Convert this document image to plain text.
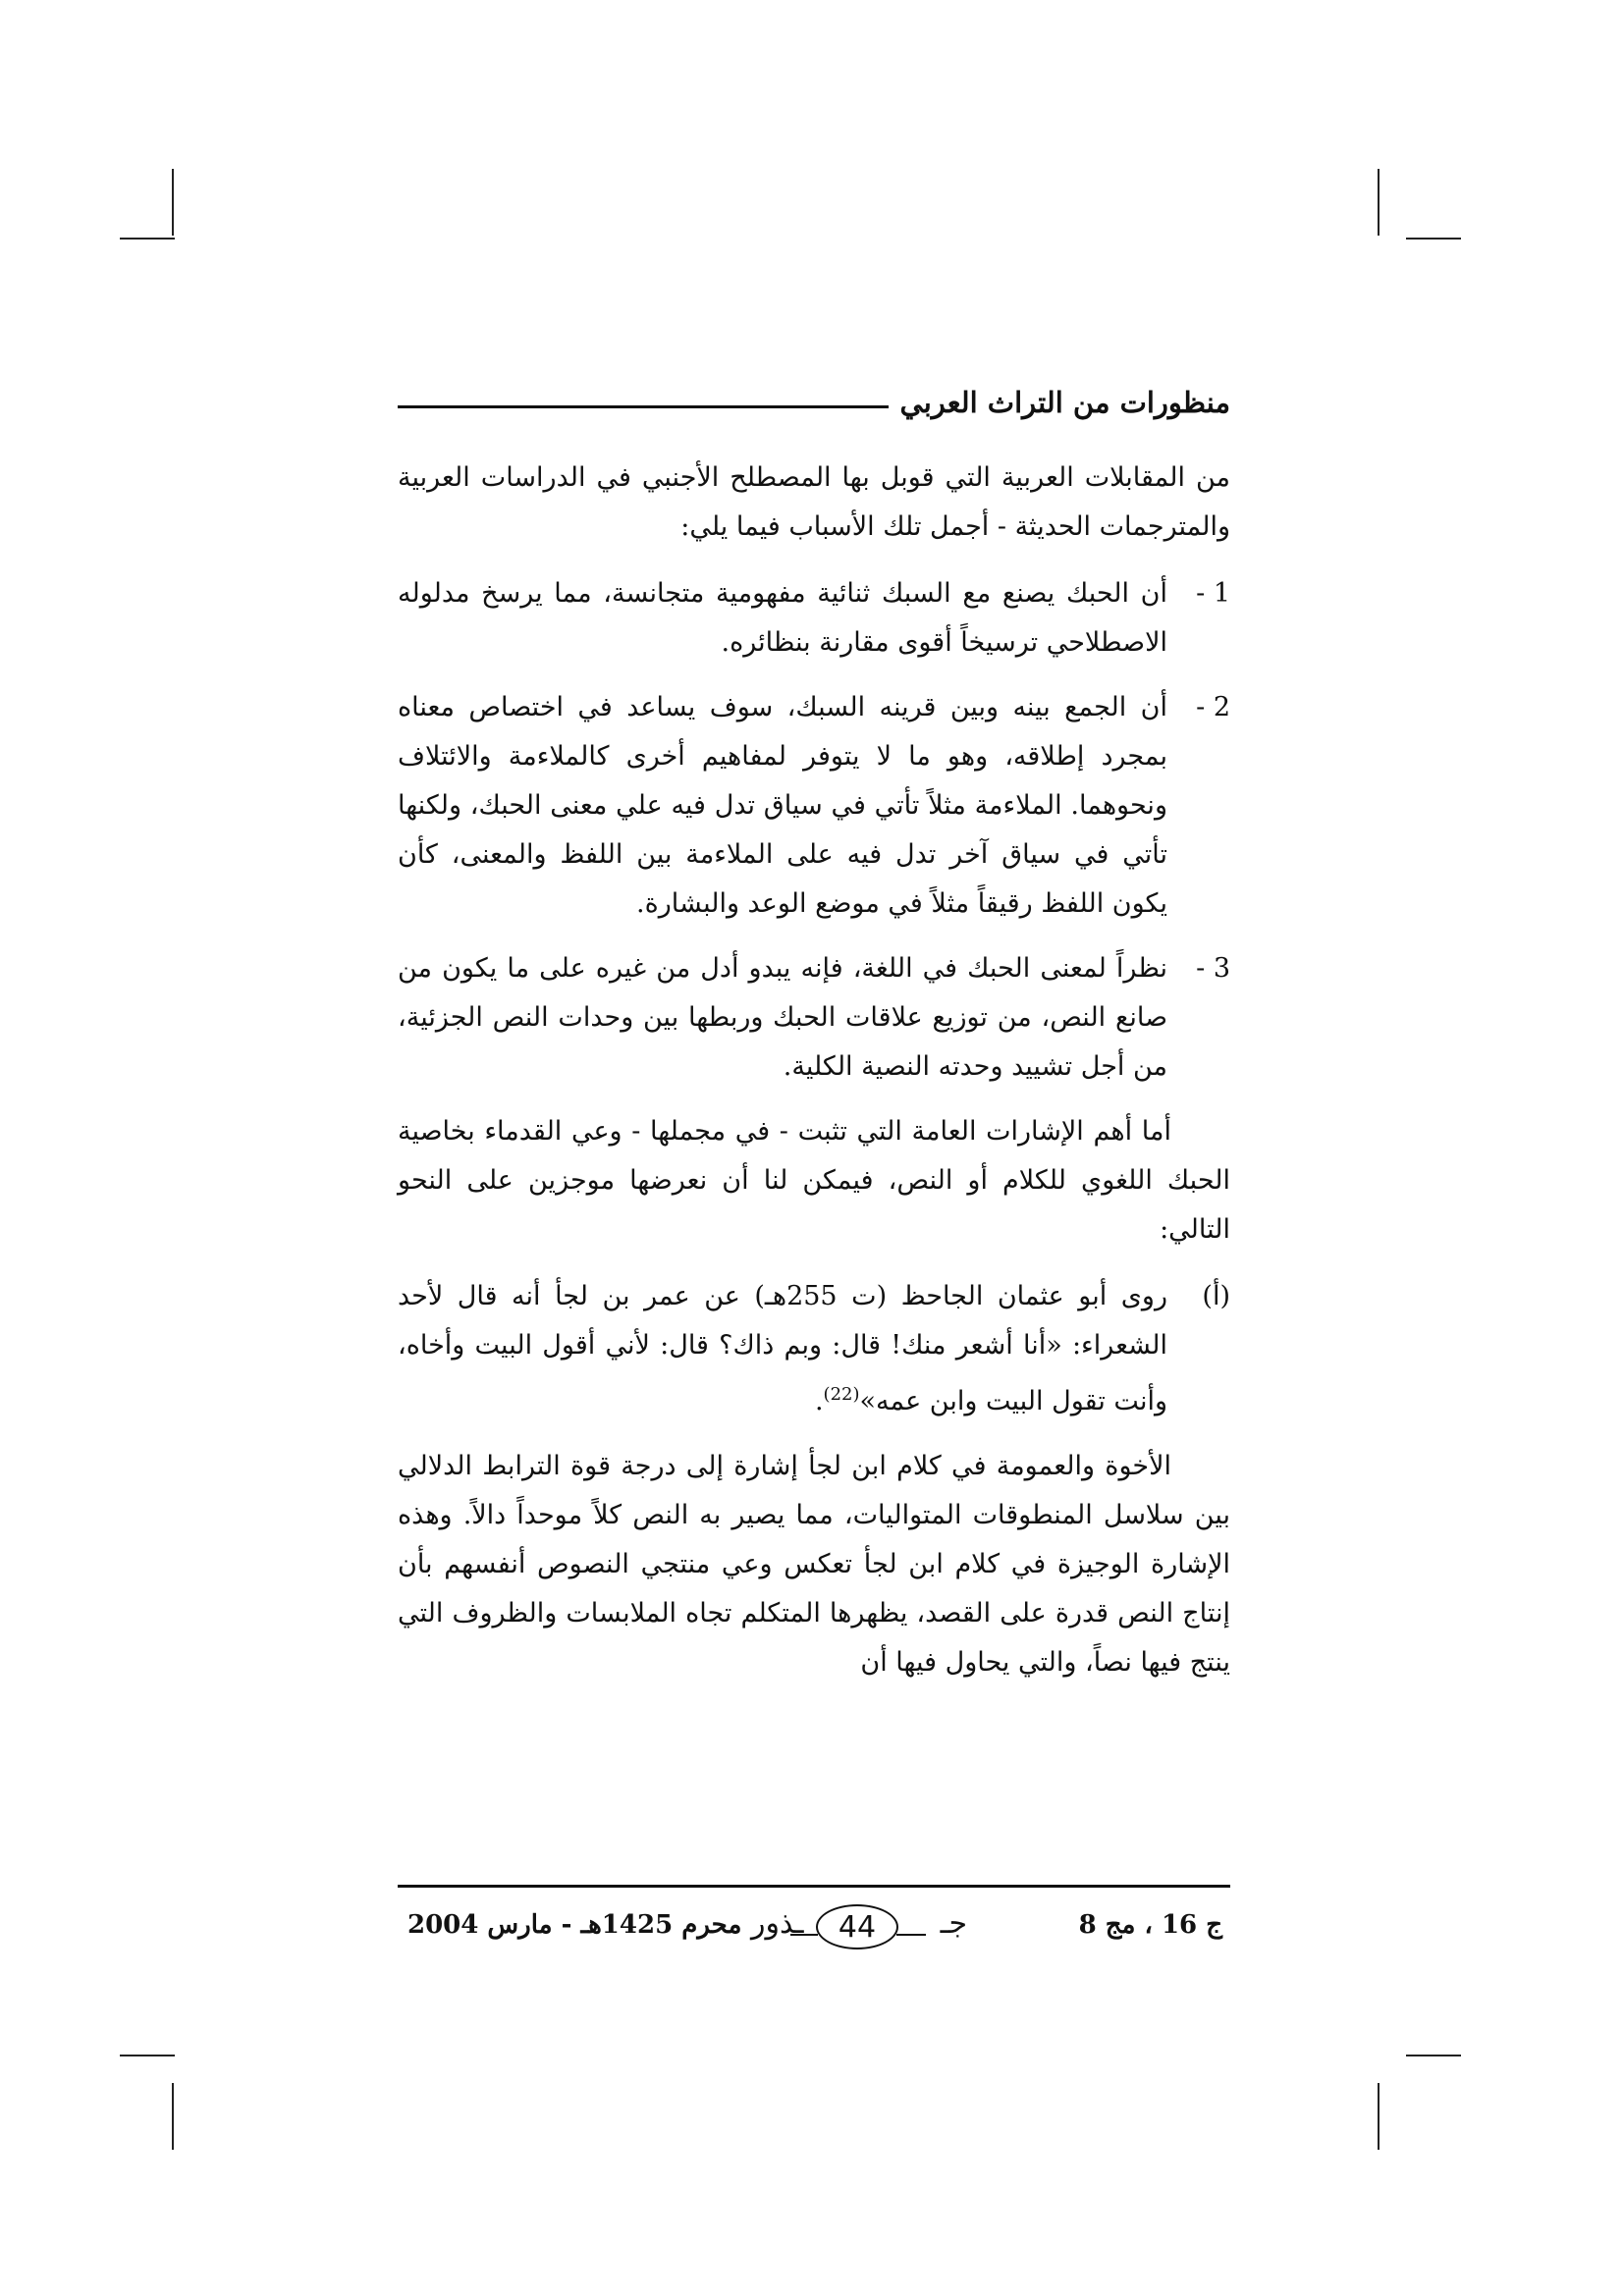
منظورات من التراث العربي

من المقابلات العربية التي قوبل بها المصطلح الأجنبي في الدراسات العربية والمترجمات الحديثة - أجمل تلك الأسباب فيما يلي:

1 -
أن الحبك يصنع مع السبك ثنائية مفهومية متجانسة، مما يرسخ مدلوله الاصطلاحي ترسيخاً أقوى مقارنة بنظائره.
2 -
أن الجمع بينه وبين قرينه السبك، سوف يساعد في اختصاص معناه بمجرد إطلاقه، وهو ما لا يتوفر لمفاهيم أخرى كالملاءمة والائتلاف ونحوهما. الملاءمة مثلاً تأتي في سياق تدل فيه علي معنى الحبك، ولكنها تأتي في سياق آخر تدل فيه على الملاءمة بين اللفظ والمعنى، كأن يكون اللفظ رقيقاً مثلاً في موضع الوعد والبشارة.
3 -
نظراً لمعنى الحبك في اللغة، فإنه يبدو أدل من غيره على ما يكون من صانع النص، من توزيع علاقات الحبك وربطها بين وحدات النص الجزئية، من أجل تشييد وحدته النصية الكلية.

أما أهم الإشارات العامة التي تثبت - في مجملها - وعي القدماء بخاصية الحبك اللغوي للكلام أو النص، فيمكن لنا أن نعرضها موجزين على النحو التالي:

(أ)
روى أبو عثمان الجاحظ (ت 255هـ) عن عمر بن لجأ أنه قال لأحد الشعراء: «أنا أشعر منك! قال: وبم ذاك؟ قال: لأني أقول البيت وأخاه، وأنت تقول البيت وابن عمه»$^{(22)}$.

الأخوة والعمومة في كلام ابن لجأ إشارة إلى درجة قوة الترابط الدلالي بين سلاسل المنطوقات المتواليات، مما يصير به النص كلاً موحداً دالاً. وهذه الإشارة الوجيزة في كلام ابن لجأ تعكس وعي منتجي النصوص أنفسهم بأن إنتاج النص قدرة على القصد، يظهرها المتكلم تجاه الملابسات والظروف التي ينتج فيها نصاً، والتي يحاول فيها أن

ج 16 ، مج 8
جـ
44
ـذور
محرم 1425هـ - مارس 2004
